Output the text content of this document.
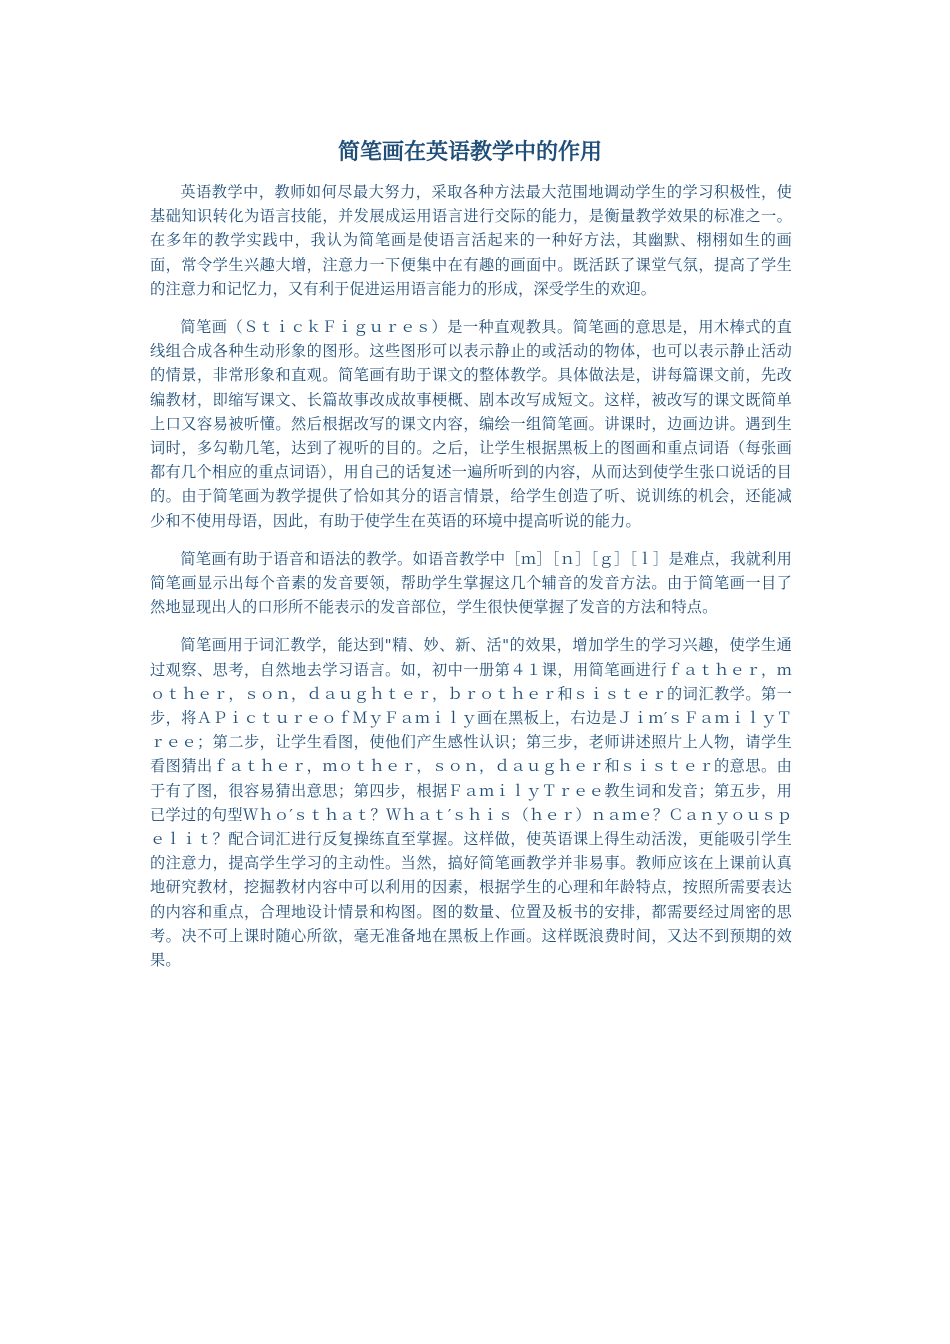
简笔画在英语教学中的作用

英语教学中，教师如何尽最大努力，采取各种方法最大范围地调动学生的学习积极性，使基础知识转化为语言技能，并发展成运用语言进行交际的能力，是衡量教学效果的标准之一。在多年的教学实践中，我认为简笔画是使语言活起来的一种好方法，其幽默、栩栩如生的画面，常令学生兴趣大增，注意力一下便集中在有趣的画面中。既活跃了课堂气氛，提高了学生的注意力和记忆力，又有利于促进运用语言能力的形成，深受学生的欢迎。

简笔画（ＳｔｉｃｋＦｉｇｕｒｅｓ）是一种直观教具。简笔画的意思是，用木棒式的直线组合成各种生动形象的图形。这些图形可以表示静止的或活动的物体，也可以表示静止活动的情景，非常形象和直观。简笔画有助于课文的整体教学。具体做法是，讲每篇课文前，先改编教材，即缩写课文、长篇故事改成故事梗概、剧本改写成短文。这样，被改写的课文既简单上口又容易被听懂。然后根据改写的课文内容，编绘一组简笔画。讲课时，边画边讲。遇到生词时，多勾勒几笔，达到了视听的目的。之后，让学生根据黑板上的图画和重点词语（每张画都有几个相应的重点词语），用自己的话复述一遍所听到的内容，从而达到使学生张口说话的目的。由于简笔画为教学提供了恰如其分的语言情景，给学生创造了听、说训练的机会，还能减少和不使用母语，因此，有助于使学生在英语的环境中提高听说的能力。

简笔画有助于语音和语法的教学。如语音教学中［ｍ］［ｎ］［ｇ］［ｌ］是难点，我就利用简笔画显示出每个音素的发音要领，帮助学生掌握这几个辅音的发音方法。由于简笔画一目了然地显现出人的口形所不能表示的发音部位，学生很快便掌握了发音的方法和特点。

简笔画用于词汇教学，能达到"精、妙、新、活"的效果，增加学生的学习兴趣，使学生通过观察、思考，自然地去学习语言。如，初中一册第４１课，用简笔画进行ｆａｔｈｅｒ，ｍｏｔｈｅｒ，ｓｏｎ，ｄａｕｇｈｔｅｒ，ｂｒｏｔｈｅｒ和ｓｉｓｔｅｒ的词汇教学。第一步，将ＡＰｉｃｔｕｒｅｏｆＭｙＦａｍｉｌｙ画在黑板上，右边是Ｊｉｍ′ｓＦａｍｉｌｙＴｒｅｅ；第二步，让学生看图，使他们产生感性认识；第三步，老师讲述照片上人物，请学生看图猜出ｆａｔｈｅｒ，ｍｏｔｈｅｒ，ｓｏｎ，ｄａｕｇｈｅｒ和ｓｉｓｔｅｒ的意思。由于有了图，很容易猜出意思；第四步，根据ＦａｍｉｌｙＴｒｅｅ教生词和发音；第五步，用已学过的句型Ｗｈｏ′ｓｔｈａｔ？Ｗｈａｔ′ｓｈｉｓ（ｈｅｒ）ｎａｍｅ？Ｃａｎｙｏｕｓｐｅｌｉｔ？配合词汇进行反复操练直至掌握。这样做，使英语课上得生动活泼，更能吸引学生的注意力，提高学生学习的主动性。当然，搞好简笔画教学并非易事。教师应该在上课前认真地研究教材，挖掘教材内容中可以利用的因素，根据学生的心理和年龄特点，按照所需要表达的内容和重点，合理地设计情景和构图。图的数量、位置及板书的安排，都需要经过周密的思考。决不可上课时随心所欲，毫无准备地在黑板上作画。这样既浪费时间，又达不到预期的效果。
